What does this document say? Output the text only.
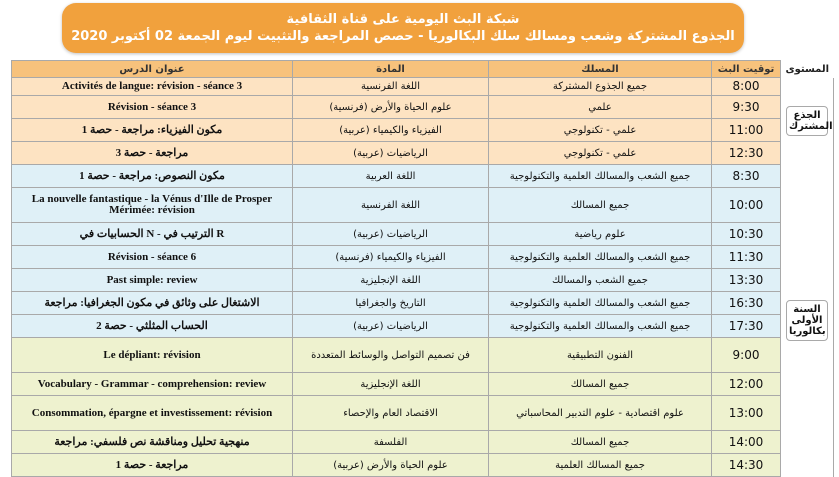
شبكة البث اليومية على قناة الثقافية
الجذوع المشتركة وشعب ومسالك سلك البكالوريا - حصص المراجعة والتثبيت ليوم الجمعة 02 أكتوبر 2020
عنوان الدرس	المادة	المسلك	توقيت البث	المستوى
Activités de langue: révision - séance 3	اللغة الفرنسية	جميع الجذوع المشتركة	8:00	الجذع المشترك

Révision - séance 3	علوم الحياة والأرض (فرنسية)	علمي	9:30	
مكون الفيزياء: مراجعة - حصة 1	الفيزياء والكيمياء (عربية)	علمي - تكنولوجي	11:00	
مراجعة - حصة 3	الرياضيات (عربية)	علمي - تكنولوجي	12:30	
مكون النصوص: مراجعة - حصة 1	اللغة العربية	جميع الشعب والمسالك العلمية والتكنولوجية	8:30	السنة الأولى بكالوريا

La nouvelle fantastique - la Vénus d'Ille de Prosper Mérimée: révision	اللغة الفرنسية	جميع المسالك	10:00	
الحسابيات في N - الترتيب في R	الرياضيات (عربية)	علوم رياضية	10:30	
Révision - séance 6	الفيزياء والكيمياء (فرنسية)	جميع الشعب والمسالك العلمية والتكنولوجية	11:30	
Past simple: review	اللغة الإنجليزية	جميع الشعب والمسالك	13:30	
الاشتغال على وثائق في مكون الجغرافيا: مراجعة	التاريخ والجغرافيا	جميع الشعب والمسالك العلمية والتكنولوجية	16:30	
الحساب المثلثي - حصة 2	الرياضيات (عربية)	جميع الشعب والمسالك العلمية والتكنولوجية	17:30	
Le dépliant: révision	فن تصميم التواصل والوسائط المتعددة	الفنون التطبيقية	9:00	
Vocabulary - Grammar - comprehension: review	اللغة الإنجليزية	جميع المسالك	12:00	
Consommation, épargne et investissement: révision	الاقتصاد العام والإحصاء	علوم اقتصادية - علوم التدبير المحاسباتي	13:00	
منهجية تحليل ومناقشة نص فلسفي: مراجعة	الفلسفة	جميع المسالك	14:00	
مراجعة - حصة 1	علوم الحياة والأرض (عربية)	جميع المسالك العلمية	14:30	
